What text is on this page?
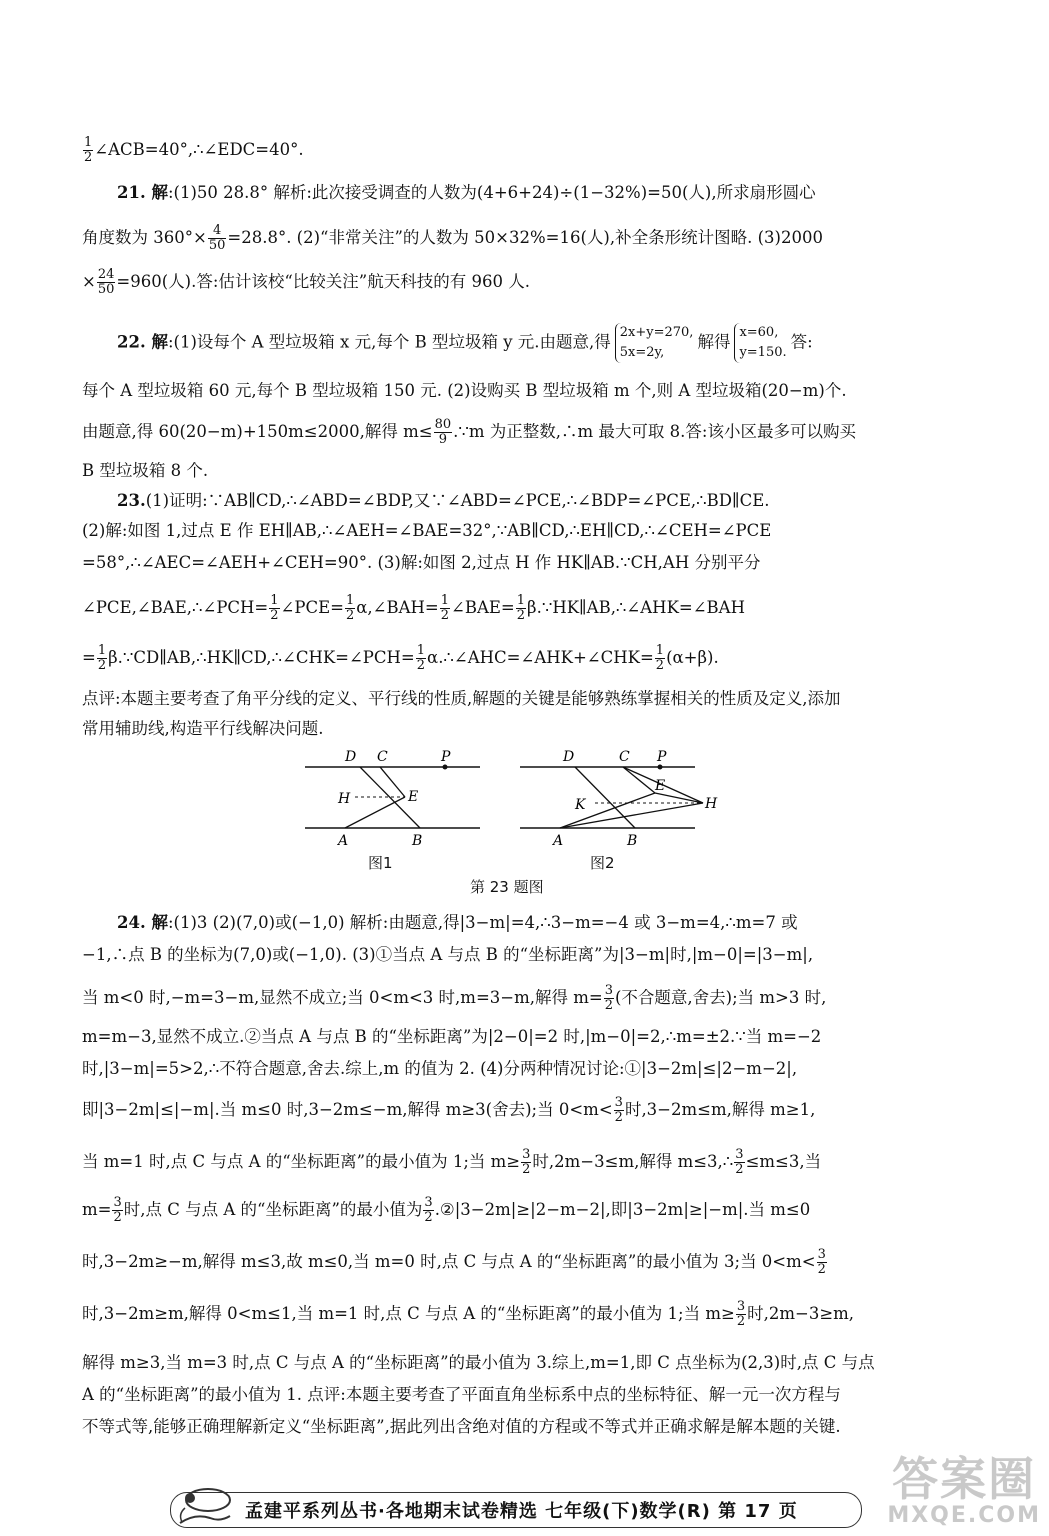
$\frac{1}{2}$ ∠ACB=40°,∴∠EDC=40°.
21. 解:(1)50 28.8° 解析:此次接受调查的人数为(4+6+24)÷(1−32%)=50(人),所求扇形圆心
角度数为 $360^\circ\times \frac{4}{50} =28.8^\circ$. (2)“非常关注”的人数为 50×32%=16(人),补全条形统计图略. (3)2000
× $\frac{24}{50} =960$(人).答:估计该校“比较关注”航天科技的有 960 人.
22. 解:(1)设每个 A 型垃圾箱 x 元,每个 B 型垃圾箱 y 元.由题意,得 2x+y=270,
5x=2y,解得 x=60,
y=150.答:
每个 A 型垃圾箱 60 元,每个 B 型垃圾箱 150 元. (2)设购买 B 型垃圾箱 m 个,则 A 型垃圾箱(20−m)个.
由题意,得 60(20−m)+150m≤2000,解得 $m\le \frac{80}{9}$ .∵m 为正整数,∴m 最大可取 8.答:该小区最多可以购买
B 型垃圾箱 8 个.
23.(1)证明:∵AB∥CD,∴∠ABD=∠BDP,又∵∠ABD=∠PCE,∴∠BDP=∠PCE,∴BD∥CE.
(2)解:如图 1,过点 E 作 EH∥AB,∴∠AEH=∠BAE=32°,∵AB∥CD,∴EH∥CD,∴∠CEH=∠PCE
=58°,∴∠AEC=∠AEH+∠CEH=90°. (3)解:如图 2,过点 H 作 HK∥AB.∵CH,AH 分别平分
∠PCE,∠BAE,∴∠PCH= $\frac{1}{2}$ ∠PCE= $\frac{1}{2}$ α,∠BAH= $\frac{1}{2}$ ∠BAE= $\frac{1}{2}$ β.∵HK∥AB,∴∠AHK=∠BAH
= $\frac{1}{2}$ β.∵CD∥AB,∴HK∥CD,∴∠CHK=∠PCH= $\frac{1}{2}$ α.∴∠AHC=∠AHK+∠CHK= $\frac{1}{2} (\alpha+\beta)$.
点评:本题主要考查了角平分线的定义、平行线的性质,解题的关键是能够熟练掌握相关的性质及定义,添加
常用辅助线,构造平行线解决问题.
D C	P
H	E
A	B
图1
D	C P
K
E
H
A	B
图2
第 23 题图
24. 解:(1)3 (2)(7,0)或(−1,0) 解析:由题意,得|3−m|=4,∴3−m=−4 或 3−m=4,∴m=7 或
−1,∴点 B 的坐标为(7,0)或(−1,0). (3)①当点 A 与点 B 的“坐标距离”为|3−m|时,|m−0|=|3−m|,
当 m<0 时,−m=3−m,显然不成立;当 0<m<3 时,m=3−m,解得 $m= \frac{3}{2}$ (不合题意,舍去);当 m>3 时,
m=m−3,显然不成立.②当点 A 与点 B 的“坐标距离”为|2−0|=2 时,|m−0|=2,∴m=±2.∵当 m=−2
时,|3−m|=5>2,∴不符合题意,舍去.综上,m 的值为 2. (4)分两种情况讨论:①|3−2m|≤|2−m−2|,
即|3−2m|≤|−m|.当 m≤0 时,3−2m≤−m,解得 m≥3(舍去);当 $0<m< \frac{3}{2}$ 时,3−2m≤m,解得 m≥1,
当 m=1 时,点 C 与点 A 的“坐标距离”的最小值为 1;当 $m\ge \frac{3}{2}$ 时,2m−3≤m,解得 m≤3,∴ $\frac{3}{2} \le m\le 3$,当
$m= \frac{3}{2}$ 时,点 C 与点 A 的“坐标距离”的最小值为 $\frac{3}{2}$ .②|3−2m|≥|2−m−2|,即|3−2m|≥|−m|.当 m≤0
时,3−2m≥−m,解得 m≤3,故 m≤0,当 m=0 时,点 C 与点 A 的“坐标距离”的最小值为 3;当 $0<m< \frac{3}{2}$
时,3−2m≥m,解得 0<m≤1,当 m=1 时,点 C 与点 A 的“坐标距离”的最小值为 1;当 $m\ge \frac{3}{2}$ 时,2m−3≥m,
解得 m≥3,当 m=3 时,点 C 与点 A 的“坐标距离”的最小值为 3.综上,m=1,即 C 点坐标为(2,3)时,点 C 与点
A 的“坐标距离”的最小值为 1. 点评:本题主要考查了平面直角坐标系中点的坐标特征、解一元一次方程与
不等式等,能够正确理解新定义“坐标距离”,据此列出含绝对值的方程或不等式并正确求解是解本题的关键.
孟建平系列丛书·各地期末试卷精选 七年级(下)数学(R) 第 17 页
答案圈
MXQE.COM
